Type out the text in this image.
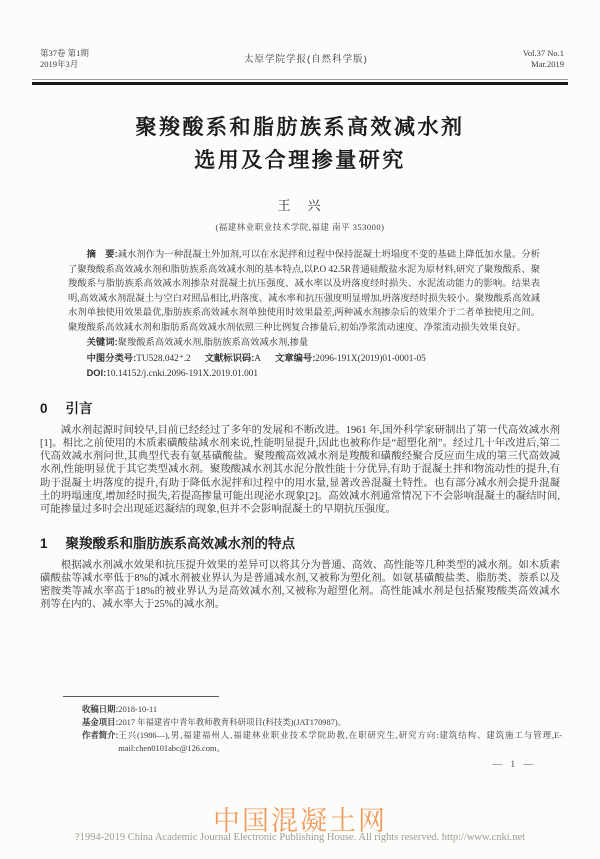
第37卷 第1期
2019年3月	太原学院学报(自然科学版)
Vol.37 No.1
Mar.2019
聚羧酸系和脂肪族系高效减水剂
选用及合理掺量研究
王　兴
(福建林业职业技术学院,福建 南平 353000)

摘　要:减水剂作为一种混凝土外加剂,可以在水泥拌和过程中保持混凝土坍塌度不变的基础上降低加水量。分析了聚羧酸系高效减水剂和脂肪族系高效减水剂的基本特点,以P.O 42.5R普通硅酸盐水泥为原材料,研究了聚羧酸系、聚羧酸系与脂肪族系高效减水剂掺杂对混凝土抗压强度、减水率以及坍落度经时损失、水泥流动能力的影响。结果表明,高效减水剂混凝土与空白对照品相比,坍落度、减水率和抗压强度明显增加,坍落度经时损失较小。聚羧酸系高效减水剂单独使用效果最优,脂肪族系高效减水剂单独使用时效果最差,两种减水剂掺杂后的效果介于二者单独使用之间。聚羧酸系高效减水剂和脂肪系高效减水剂依照三种比例复合掺量后,初始净浆流动速度、净浆流动损失效果良好。

关键词:聚羧酸系高效减水剂,脂肪族系高效减水剂,掺量

中图分类号:TU528.042⁺.2 文献标识码:A 文章编号:2096-191X(2019)01-0001-05

DOI:10.14152/j.cnki.2096-191X.2019.01.001

0 引言

减水剂起源时间较早,目前已经经过了多年的发展和不断改进。1961 年,国外科学家研制出了第一代高效减水剂[1]。相比之前使用的木质素磺酸盐减水剂来说,性能明显提升,因此也被称作是“超塑化剂”。经过几十年改进后,第二代高效减水剂问世,其典型代表有氨基磺酸盐。聚羧酸高效减水剂是羧酸和磺酸经聚合反应而生成的第三代高效减水剂,性能明显优于其它类型减水剂。聚羧酸减水剂其水泥分散性能十分优异,有助于混凝土拌和物流动性的提升,有助于混凝土坍落度的提升,有助于降低水泥拌和过程中的用水量,显著改善混凝土特性。也有部分减水剂会提升混凝土的坍塌速度,增加经时损失,若提高掺量可能出现泌水现象[2]。高效减水剂通常情况下不会影响混凝土的凝结时间,可能掺量过多时会出现延迟凝结的现象,但并不会影响混凝土的早期抗压强度。

1 聚羧酸系和脂肪族系高效减水剂的特点

根据减水剂减水效果和抗压提升效果的差异可以将其分为普通、高效、高性能等几种类型的减水剂。如木质素磺酸盐等减水率低于8%的减水剂被业界认为是普通减水剂,又被称为塑化剂。如氨基磺酸盐类、脂肪类、萘系以及密胺类等减水率高于18%的被业界认为是高效减水剂,又被称为超塑化剂。高性能减水剂是包括聚羧酸类高效减水剂等在内的、减水率大于25%的减水剂。

收稿日期: 2018-10-11
基金项目: 2017 年福建省中青年教师教育科研项目(科技类)(JAT170987)。
作者简介: 王兴(1986—),男,福建福州人,福建林业职业技术学院助教,在职研究生,研究方向:建筑结构、建筑施工与管理,E-mail:chen0101abc@126.com。
— 1 —
中国混凝土网
?1994-2019 China Academic Journal Electronic Publishing House. All rights reserved. http://www.cnki.net
